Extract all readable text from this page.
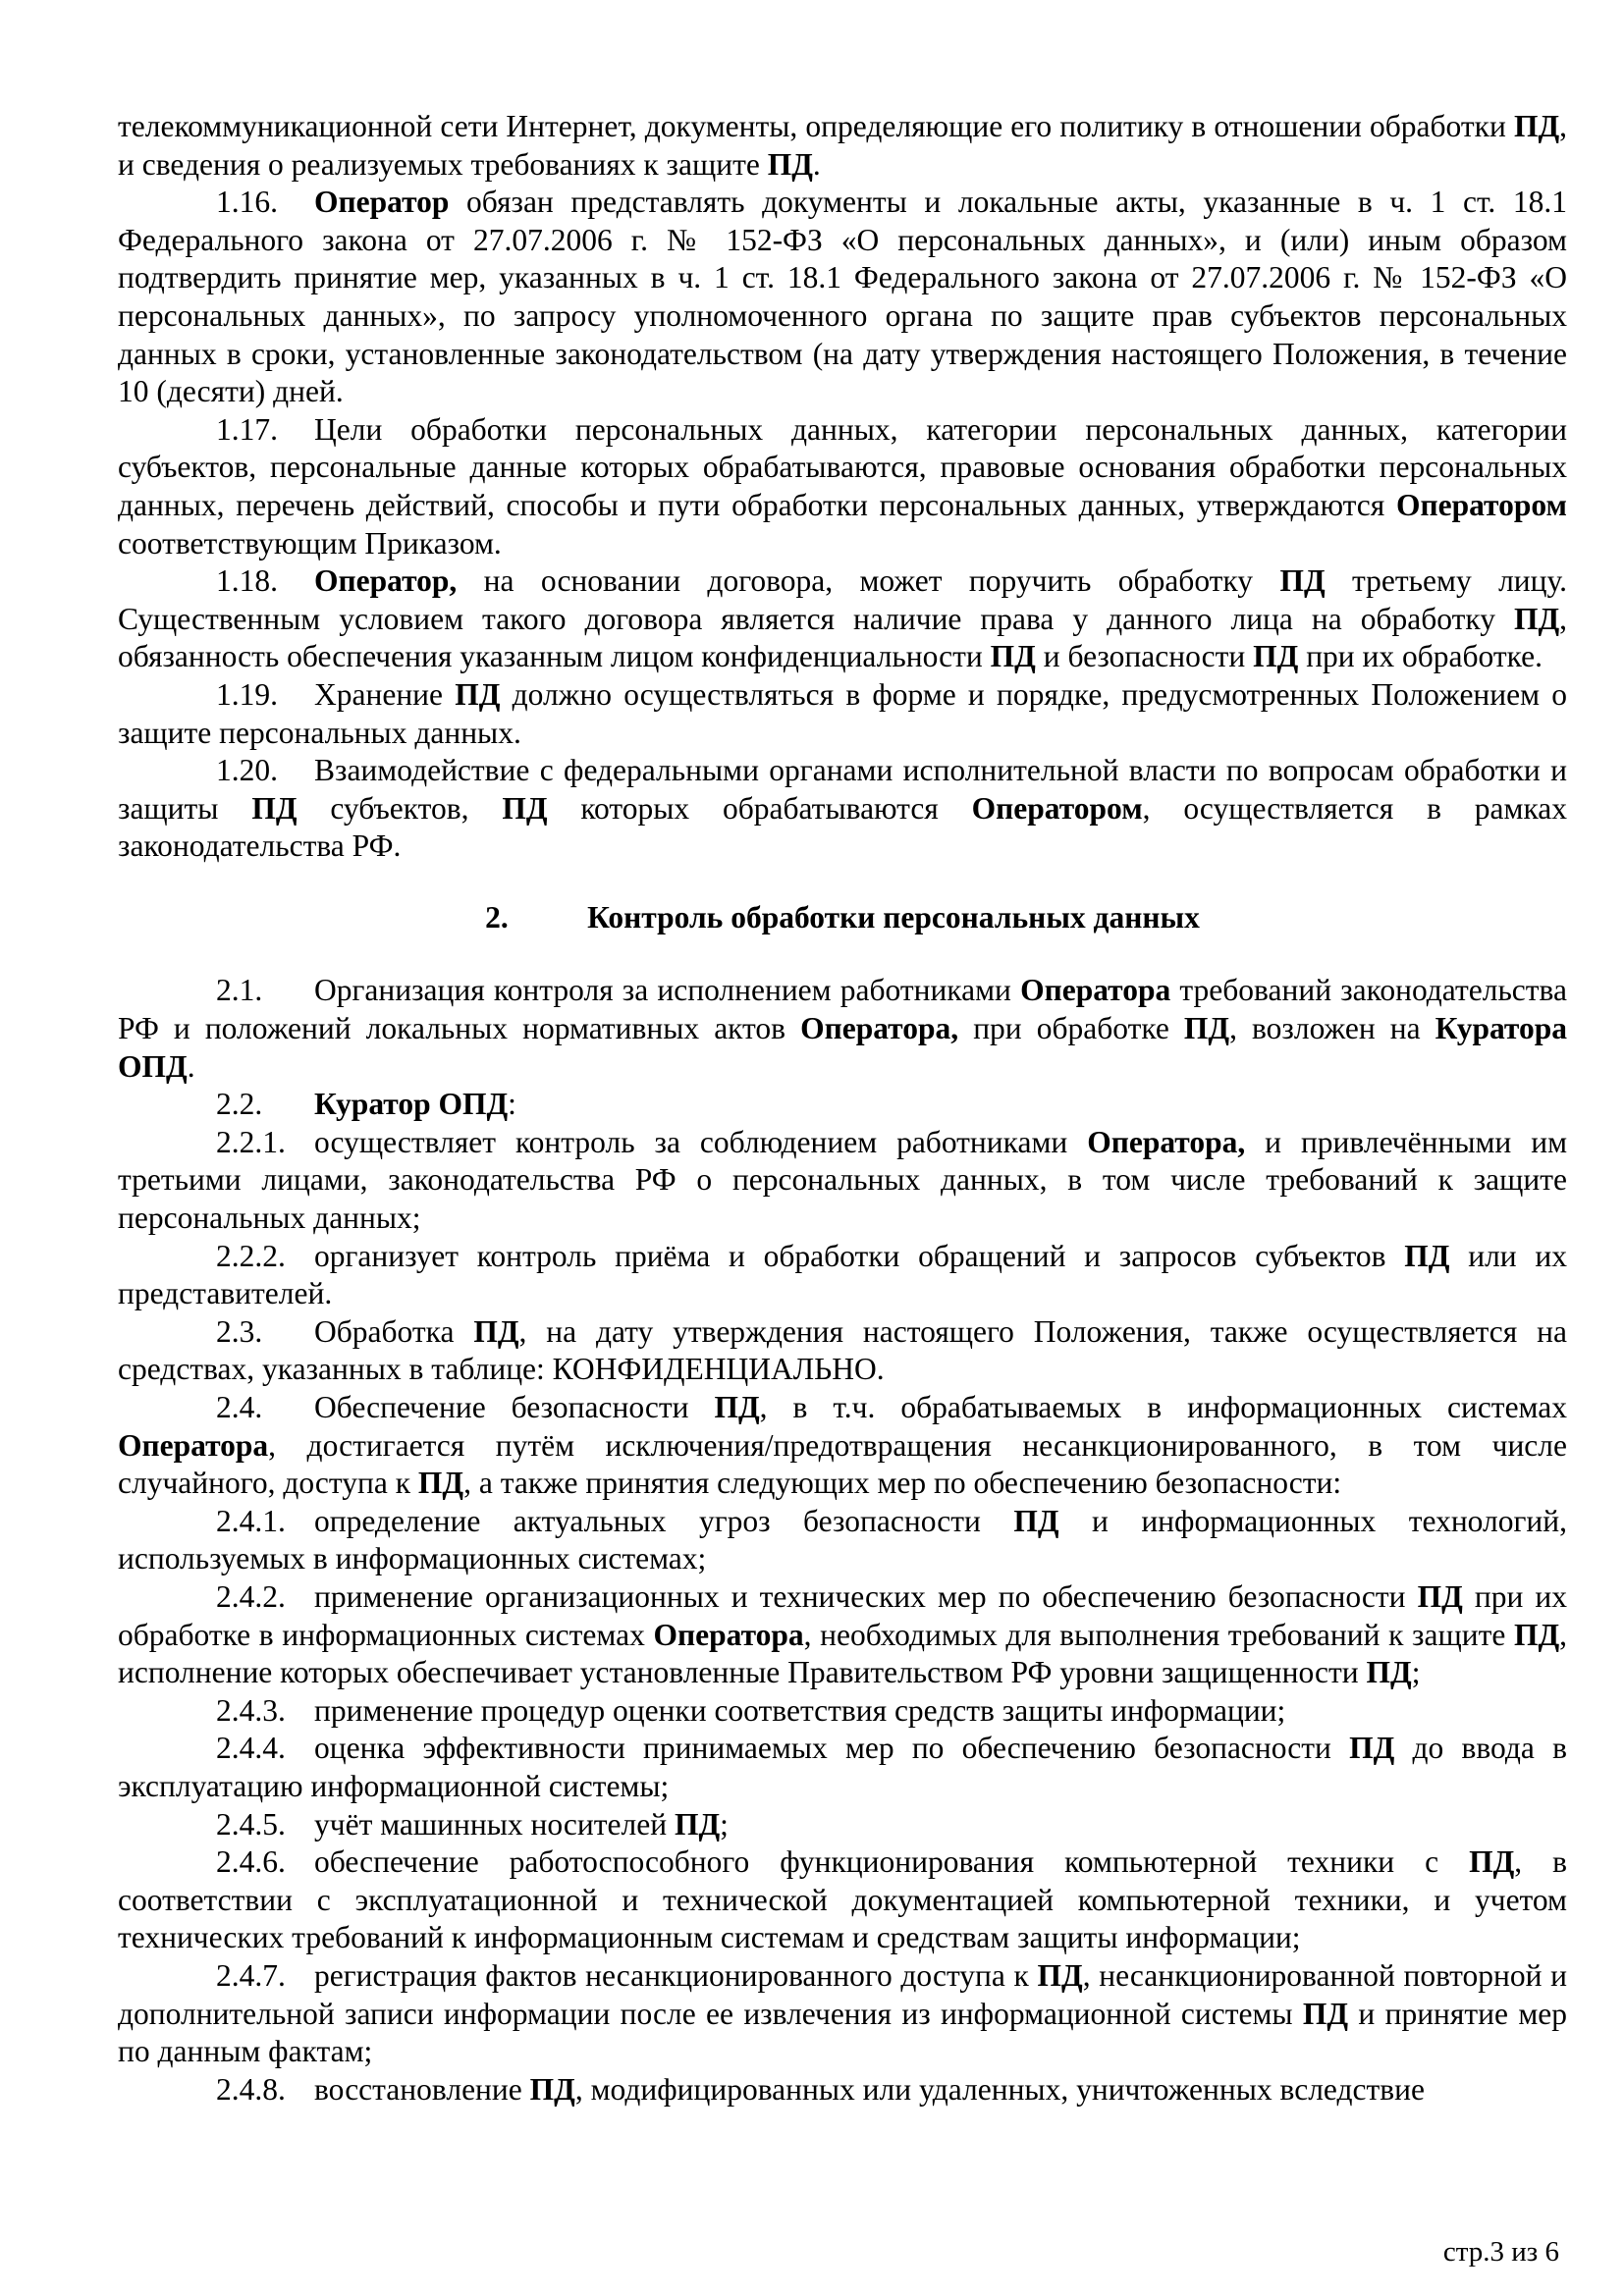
телекоммуникационной сети Интернет, документы, определяющие его политику в отношении обработки ПД, и сведения о реализуемых требованиях к защите ПД.

1.16. Оператор обязан представлять документы и локальные акты, указанные в ч. 1 ст. 18.1 Федерального закона от 27.07.2006 г. № 152-ФЗ «О персональных данных», и (или) иным образом подтвердить принятие мер, указанных в ч. 1 ст. 18.1 Федерального закона от 27.07.2006 г. № 152-ФЗ «О персональных данных», по запросу уполномоченного органа по защите прав субъектов персональных данных в сроки, установленные законодательством (на дату утверждения настоящего Положения, в течение 10 (десяти) дней.

1.17. Цели обработки персональных данных, категории персональных данных, категории субъектов, персональные данные которых обрабатываются, правовые основания обработки персональных данных, перечень действий, способы и пути обработки персональных данных, утверждаются Оператором соответствующим Приказом.

1.18. Оператор, на основании договора, может поручить обработку ПД третьему лицу. Существенным условием такого договора является наличие права у данного лица на обработку ПД, обязанность обеспечения указанным лицом конфиденциальности ПД и безопасности ПД при их обработке.

1.19. Хранение ПД должно осуществляться в форме и порядке, предусмотренных Положением о защите персональных данных.

1.20. Взаимодействие с федеральными органами исполнительной власти по вопросам обработки и защиты ПД субъектов, ПД которых обрабатываются Оператором, осуществляется в рамках законодательства РФ.

2.	Контроль обработки персональных данных

2.1. Организация контроля за исполнением работниками Оператора требований законодательства РФ и положений локальных нормативных актов Оператора, при обработке ПД, возложен на Куратора ОПД.

2.2. Куратор ОПД:

2.2.1. осуществляет контроль за соблюдением работниками Оператора, и привлечёнными им третьими лицами, законодательства РФ о персональных данных, в том числе требований к защите персональных данных;

2.2.2. организует контроль приёма и обработки обращений и запросов субъектов ПД или их представителей.

2.3. Обработка ПД, на дату утверждения настоящего Положения, также осуществляется на средствах, указанных в таблице: КОНФИДЕНЦИАЛЬНО.

2.4. Обеспечение безопасности ПД, в т.ч. обрабатываемых в информационных системах Оператора, достигается путём исключения/предотвращения несанкционированного, в том числе случайного, доступа к ПД, а также принятия следующих мер по обеспечению безопасности:

2.4.1. определение актуальных угроз безопасности ПД и информационных технологий, используемых в информационных системах;

2.4.2. применение организационных и технических мер по обеспечению безопасности ПД при их обработке в информационных системах Оператора, необходимых для выполнения требований к защите ПД, исполнение которых обеспечивает установленные Правительством РФ уровни защищенности ПД;

2.4.3. применение процедур оценки соответствия средств защиты информации;

2.4.4. оценка эффективности принимаемых мер по обеспечению безопасности ПД до ввода в эксплуатацию информационной системы;

2.4.5. учёт машинных носителей ПД;

2.4.6. обеспечение работоспособного функционирования компьютерной техники с ПД, в соответствии с эксплуатационной и технической документацией компьютерной техники, и учетом технических требований к информационным системам и средствам защиты информации;

2.4.7. регистрация фактов несанкционированного доступа к ПД, несанкционированной повторной и дополнительной записи информации после ее извлечения из информационной системы ПД и принятие мер по данным фактам;

2.4.8. восстановление ПД, модифицированных или удаленных, уничтоженных вследствие

стр.3 из 6
